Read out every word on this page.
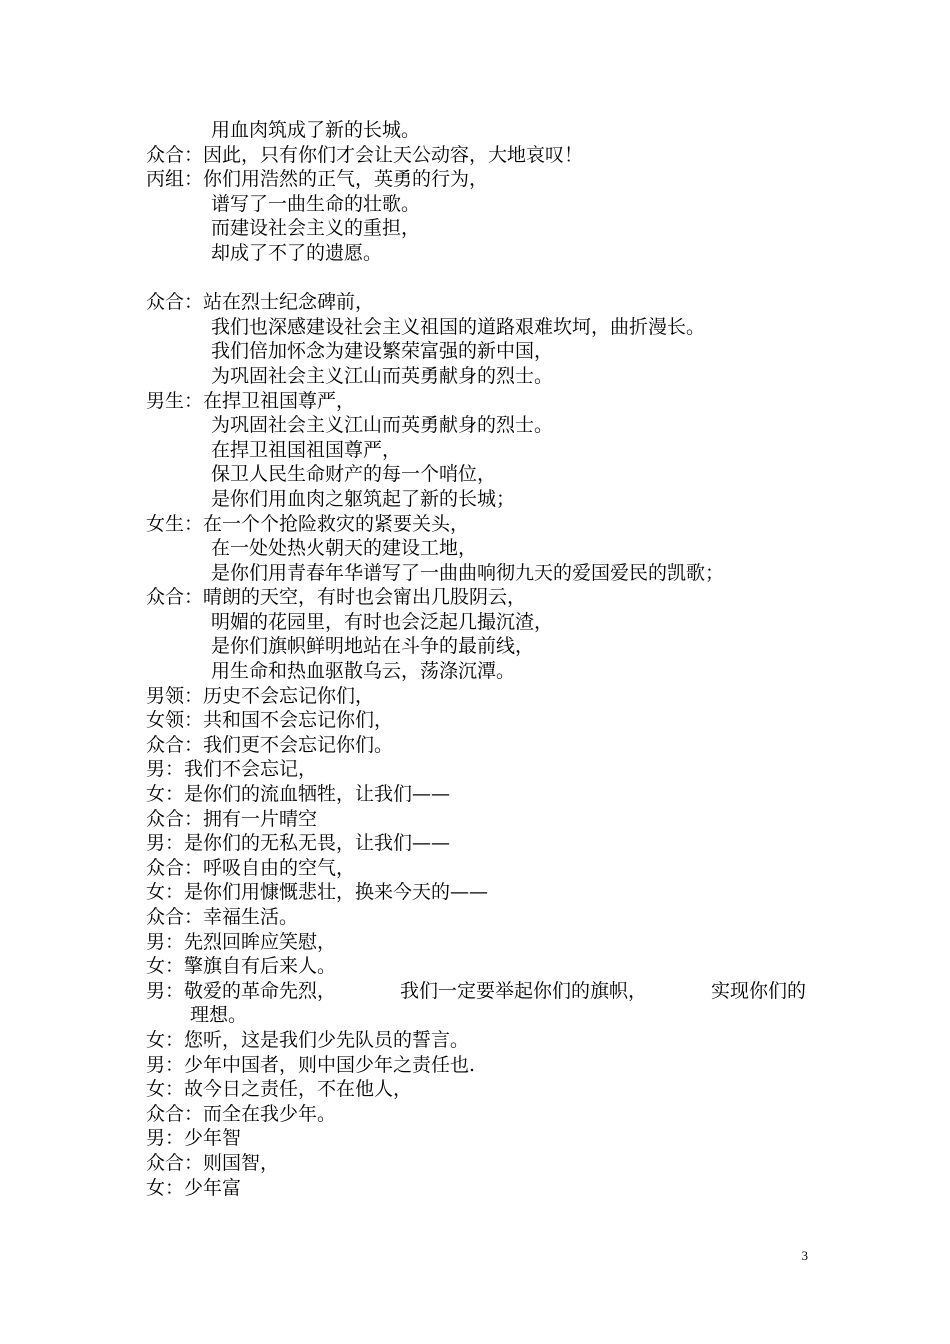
用血肉筑成了新的长城。
众合：因此，只有你们才会让天公动容，大地哀叹！
丙组：你们用浩然的正气，英勇的行为，
谱写了一曲生命的壮歌。
而建设社会主义的重担，
却成了不了的遗愿。
众合：站在烈士纪念碑前，
我们也深感建设社会主义祖国的道路艰难坎坷，曲折漫长。
我们倍加怀念为建设繁荣富强的新中国，
为巩固社会主义江山而英勇献身的烈士。
男生：在捍卫祖国尊严，
为巩固社会主义江山而英勇献身的烈士。
在捍卫祖国祖国尊严，
保卫人民生命财产的每一个哨位，
是你们用血肉之躯筑起了新的长城；
女生：在一个个抢险救灾的紧要关头，
在一处处热火朝天的建设工地，
是你们用青春年华谱写了一曲曲响彻九天的爱国爱民的凯歌；
众合：晴朗的天空，有时也会甯出几股阴云，
明媚的花园里，有时也会泛起几撮沉渣，
是你们旗帜鲜明地站在斗争的最前线，
用生命和热血驱散乌云，荡涤沉潭。
男领：历史不会忘记你们，
女领：共和国不会忘记你们，
众合：我们更不会忘记你们。
男：我们不会忘记，
女：是你们的流血牺牲，让我们——
众合：拥有一片晴空
男：是你们的无私无畏，让我们——
众合：呼吸自由的空气，
女：是你们用慷慨悲壮，换来今天的——
众合：幸福生活。
男：先烈回眸应笑慰，
女：擎旗自有后来人。
男：敬爱的革命先烈，	我们一定要举起你们的旗帜，	实现你们的
理想。
女：您听，这是我们少先队员的誓言。
男：少年中国者，则中国少年之责任也.
女：故今日之责任，不在他人，
众合：而全在我少年。
男：少年智
众合：则国智，
女：少年富
3
